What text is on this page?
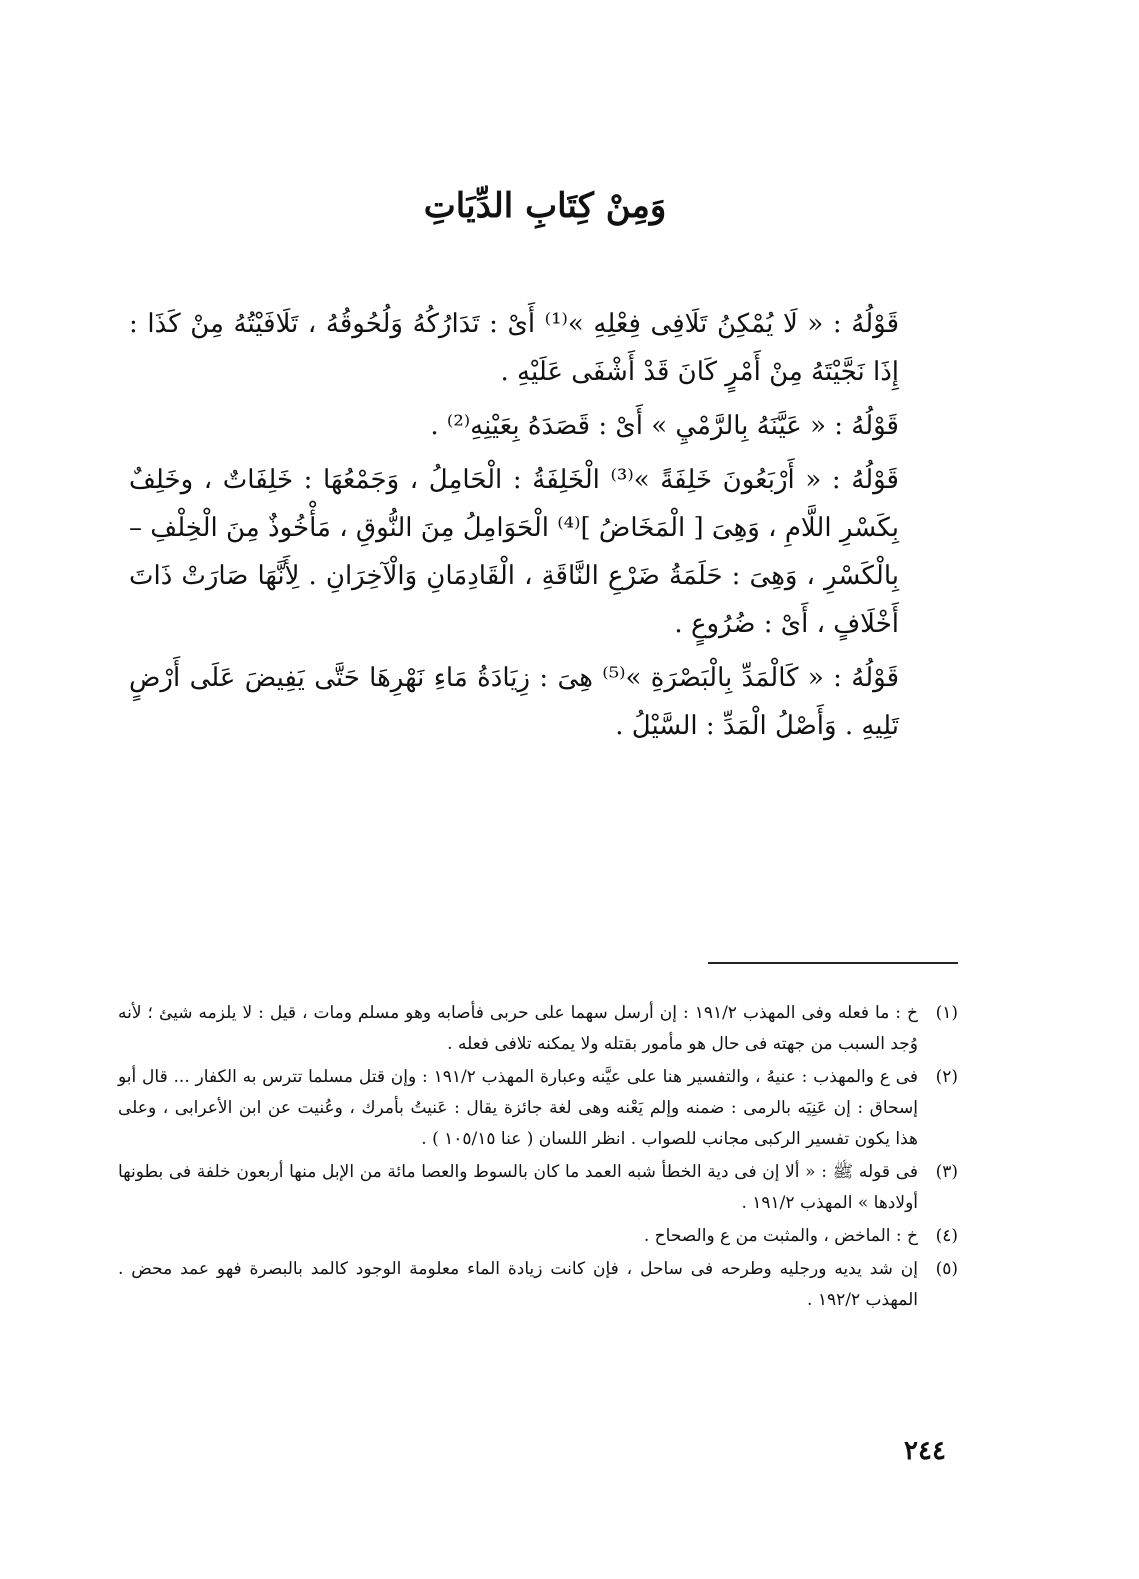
وَمِنْ كِتَابِ الدِّيَاتِ

قَوْلُهُ : « لَا يُمْكِنُ تَلَافِى فِعْلِهِ »⁽¹⁾ أَىْ : تَدَارُكُهُ وَلُحُوقُهُ ، تَلَافَيْتُهُ مِنْ كَذَا : إِذَا نَجَّيْتَهُ مِنْ أَمْرٍ كَانَ قَدْ أَشْفَى عَلَيْهِ .

قَوْلُهُ : « عَيَّنَهُ بِالرَّمْيِ » أَىْ : قَصَدَهُ بِعَيْنِهِ⁽²⁾ .

قَوْلُهُ : « أَرْبَعُونَ خَلِفَةً »⁽³⁾ الْخَلِفَةُ : الْحَامِلُ ، وَجَمْعُهَا : خَلِفَاتٌ ، وخَلِفٌ بِكَسْرِ اللَّامِ ، وَهِىَ [ الْمَخَاضُ ]⁽⁴⁾ الْحَوَامِلُ مِنَ النُّوقِ ، مَأْخُوذٌ مِنَ الْخِلْفِ – بِالْكَسْرِ ، وَهِىَ : حَلَمَةُ ضَرْعِ النَّاقَةِ ، الْقَادِمَانِ وَالْآخِرَانِ . لِأَنَّهَا صَارَتْ ذَاتَ أَخْلَافٍ ، أَىْ : ضُرُوعٍ .

قَوْلُهُ : « كَالْمَدِّ بِالْبَصْرَةِ »⁽⁵⁾ هِىَ : زِيَادَةُ مَاءِ نَهْرِهَا حَتَّى يَفِيضَ عَلَى أَرْضٍ تَلِيهِ . وَأَصْلُ الْمَدِّ : السَّيْلُ .

(١)
خ : ما فعله وفى المهذب ١٩١/٢ : إن أرسل سهما على حربى فأصابه وهو مسلم ومات ، قيل : لا يلزمه شيئ ؛ لأنه وُجد السبب من جهته فى حال هو مأمور بقتله ولا يمكنه تلافى فعله .
(٢)
فى ع والمهذب : عنيهُ ، والتفسير هنا على عيَّنه وعبارة المهذب ١٩١/٢ : وإن قتل مسلما تترس به الكفار ... قال أبو إسحاق : إن عَنِيَه بالرمى : ضمنه وإلم يَعْنه وهى لغة جائزة يقال : عَنيتُ بأمرك ، وعُنيت عن ابن الأعرابى ، وعلى هذا يكون تفسير الركبى مجانب للصواب . انظر اللسان ( عنا ١٠٥/١٥ ) .
(٣)
فى قوله ﷺ : « ألا إن فى دية الخطأ شبه العمد ما كان بالسوط والعصا مائة من الإبل منها أربعون خلفة فى بطونها أولادها » المهذب ١٩١/٢ .
(٤)
خ : الماخض ، والمثبت من ع والصحاح .
(٥)
إن شد يديه ورجليه وطرحه فى ساحل ، فإن كانت زيادة الماء معلومة الوجود كالمد بالبصرة فهو عمد محض . المهذب ١٩٢/٢ .
٢٤٤
